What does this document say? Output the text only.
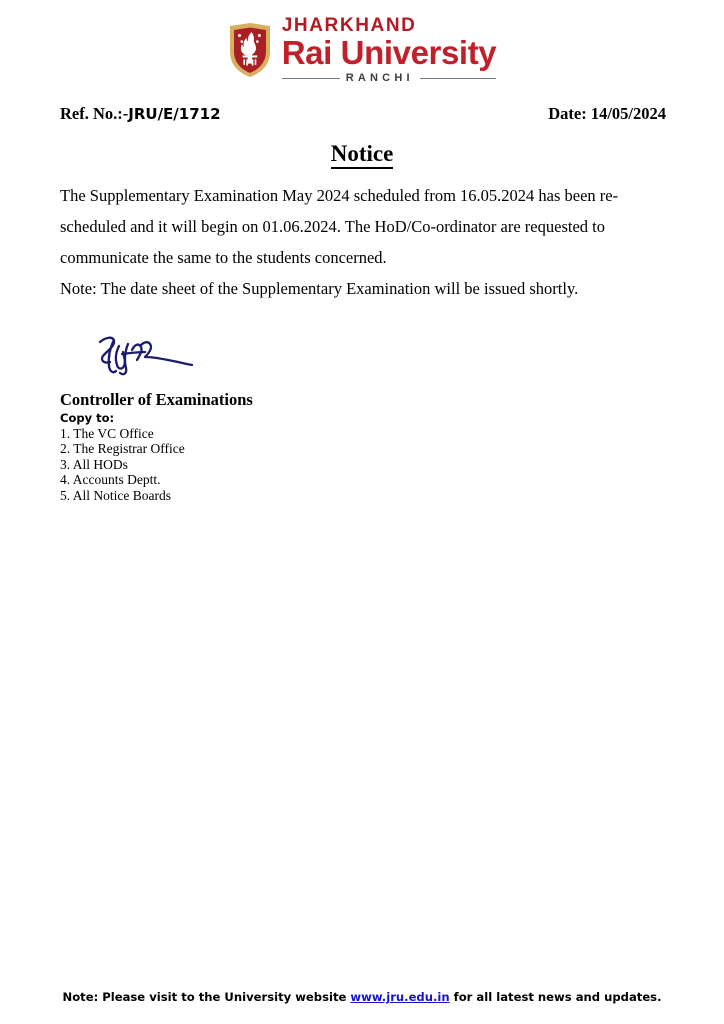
JHARKHAND
Rai University
RANCHI
Ref. No.:-JRU/E/1712	Date: 14/05/2024
Notice

The Supplementary Examination May 2024 scheduled from 16.05.2024 has been re-scheduled and it will begin on 01.06.2024. The HoD/Co-ordinator are requested to communicate the same to the students concerned.

Note: The date sheet of the Supplementary Examination will be issued shortly.

Controller of Examinations
Copy to:
1. The VC Office
2. The Registrar Office
3. All HODs
4. Accounts Deptt.
5. All Notice Boards
Note: Please visit to the University website www.jru.edu.in for all latest news and updates.
